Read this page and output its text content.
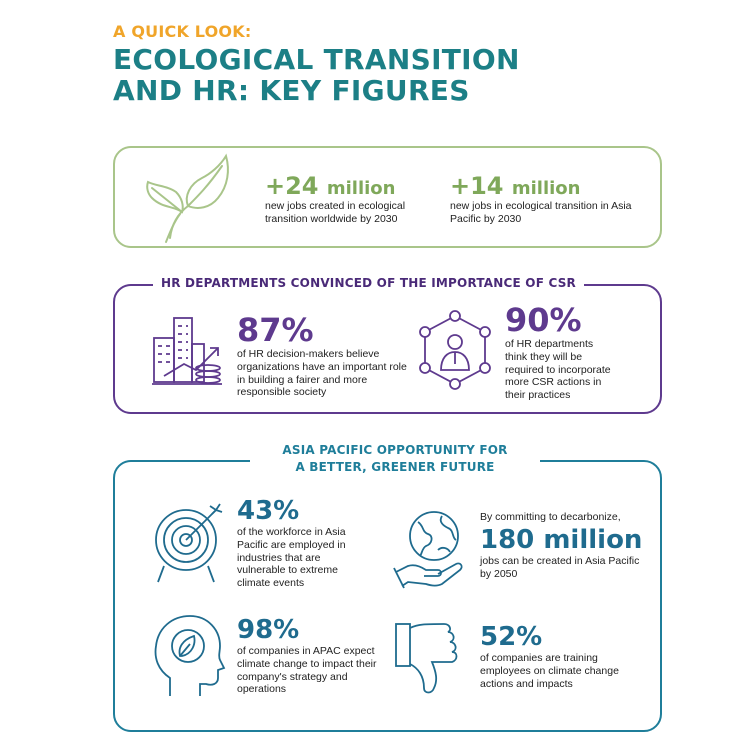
A QUICK LOOK:
ECOLOGICAL TRANSITION
AND HR: KEY FIGURES
+24 million
new jobs created in ecological transition worldwide by 2030
+14 million
new jobs in ecological transition in Asia Pacific by 2030
HR DEPARTMENTS CONVINCED OF THE IMPORTANCE OF CSR
87%
of HR decision-makers believe organizations have an important role in building a fairer and more responsible society
90%
of HR departments think they will be required to incorporate more CSR actions in their practices
ASIA PACIFIC OPPORTUNITY FOR
A BETTER, GREENER FUTURE
43%
of the workforce in Asia Pacific are employed in industries that are vulnerable to extreme climate events
By committing to decarbonize,
180 million
jobs can be created in Asia Pacific by 2050
98%
of companies in APAC expect climate change to impact their company's strategy and operations
52%
of companies are training employees on climate change actions and impacts
